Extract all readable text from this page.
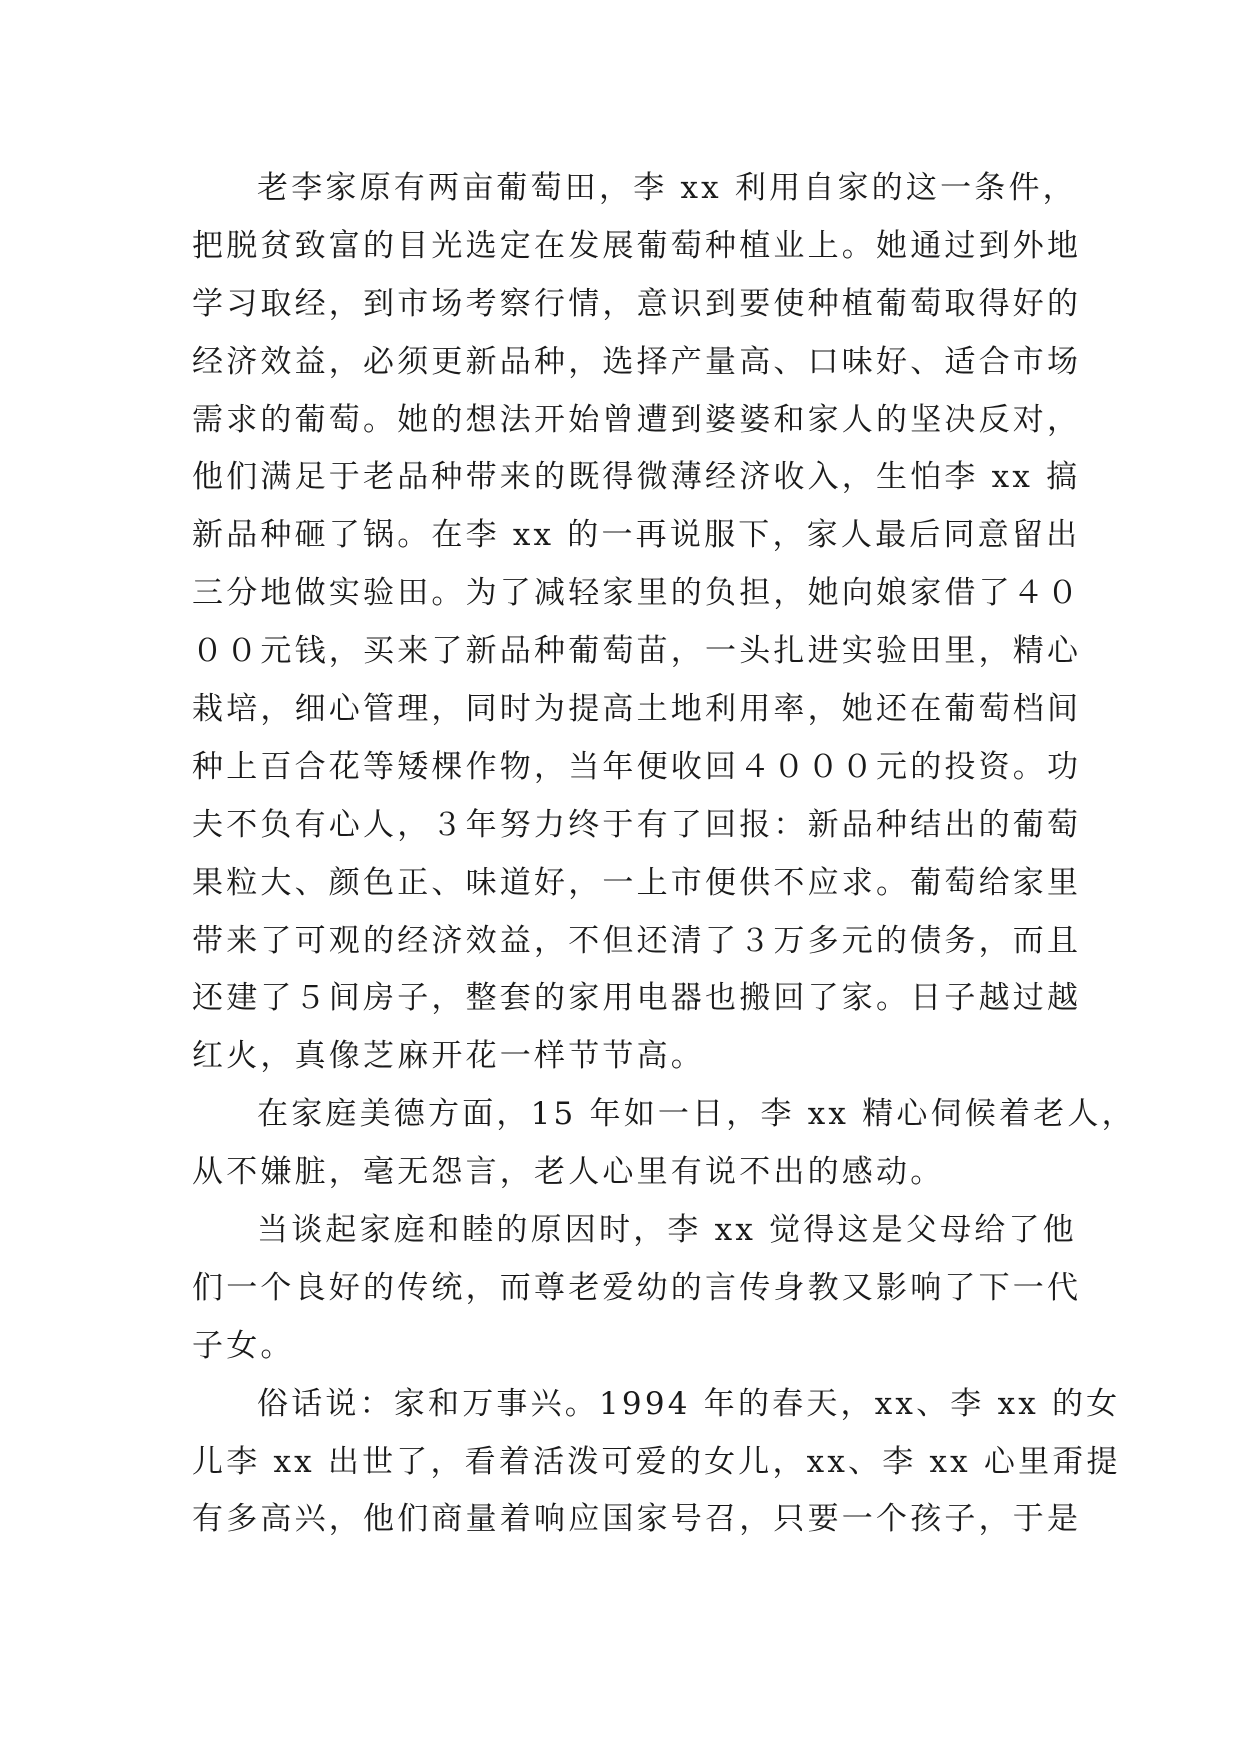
老李家原有两亩葡萄田，李 xx 利用自家的这一条件，
把脱贫致富的目光选定在发展葡萄种植业上。她通过到外地
学习取经，到市场考察行情，意识到要使种植葡萄取得好的
经济效益，必须更新品种，选择产量高、口味好、适合市场
需求的葡萄。她的想法开始曾遭到婆婆和家人的坚决反对，
他们满足于老品种带来的既得微薄经济收入，生怕李 xx 搞
新品种砸了锅。在李 xx 的一再说服下，家人最后同意留出
三分地做实验田。为了减轻家里的负担，她向娘家借了４０
００元钱，买来了新品种葡萄苗，一头扎进实验田里，精心
栽培，细心管理，同时为提高土地利用率，她还在葡萄档间
种上百合花等矮棵作物，当年便收回４０００元的投资。功
夫不负有心人，３年努力终于有了回报：新品种结出的葡萄
果粒大、颜色正、味道好，一上市便供不应求。葡萄给家里
带来了可观的经济效益，不但还清了３万多元的债务，而且
还建了５间房子，整套的家用电器也搬回了家。日子越过越
红火，真像芝麻开花一样节节高。
在家庭美德方面，15 年如一日，李 xx 精心伺候着老人，
从不嫌脏，毫无怨言，老人心里有说不出的感动。
当谈起家庭和睦的原因时，李 xx 觉得这是父母给了他
们一个良好的传统，而尊老爱幼的言传身教又影响了下一代
子女。
俗话说：家和万事兴。1994 年的春天，xx、李 xx 的女
儿李 xx 出世了，看着活泼可爱的女儿，xx、李 xx 心里甭提
有多高兴，他们商量着响应国家号召，只要一个孩子，于是
